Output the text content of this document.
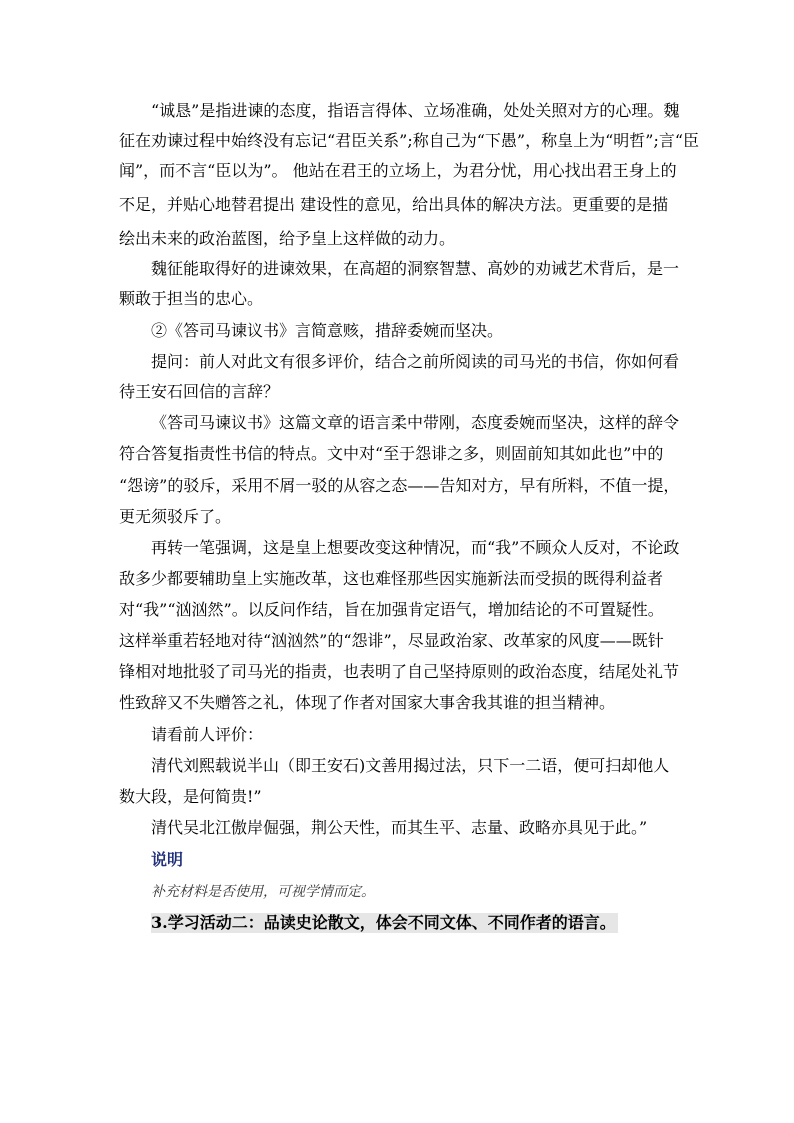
“诚恳”是指进谏的态度，指语言得体、立场准确，处处关照对方的心理。魏
征在劝谏过程中始终没有忘记“君臣关系”;称自己为“下愚”，称皇上为“明哲”;言“臣
闻”，而不言“臣以为”。 他站在君王的立场上，为君分忧，用心找出君王身上的
不足，并贴心地替君提出 建设性的意见，给出具体的解决方法。更重要的是描
绘出未来的政治蓝图，给予皇上这样做的动力。
魏征能取得好的进谏效果，在高超的洞察智慧、高妙的劝诫艺术背后，是一
颗敢于担当的忠心。
②《答司马谏议书》言简意赅，措辞委婉而坚决。
提问：前人对此文有很多评价，结合之前所阅读的司马光的书信，你如何看
待王安石回信的言辞？
《答司马谏议书》这篇文章的语言柔中带刚，态度委婉而坚决，这样的辞令
符合答复指责性书信的特点。文中对“至于怨诽之多，则固前知其如此也”中的
“怨谤”的驳斥，采用不屑一驳的从容之态——告知对方，早有所料，不值一提，
更无须驳斥了。
再转一笔强调，这是皇上想要改变这种情况，而“我”不顾众人反对，不论政
敌多少都要辅助皇上实施改革，这也难怪那些因实施新法而受损的既得利益者
对“我”“汹汹然”。以反问作结，旨在加强肯定语气，增加结论的不可置疑性。
这样举重若轻地对待“汹汹然”的“怨诽”，尽显政治家、改革家的风度——既针
锋相对地批驳了司马光的指责，也表明了自己坚持原则的政治态度，结尾处礼节
性致辞又不失赠答之礼，体现了作者对国家大事舍我其谁的担当精神。
请看前人评价：
清代刘熙载说半山（即王安石)文善用揭过法，只下一二语，便可扫却他人
数大段，是何简贵!”
清代吴北江傲岸倔强，荆公天性，而其生平、志量、政略亦具见于此。”
说明
补充材料是否使用，可视学情而定。
3.学习活动二：品读史论散文，体会不同文体、不同作者的语言。
